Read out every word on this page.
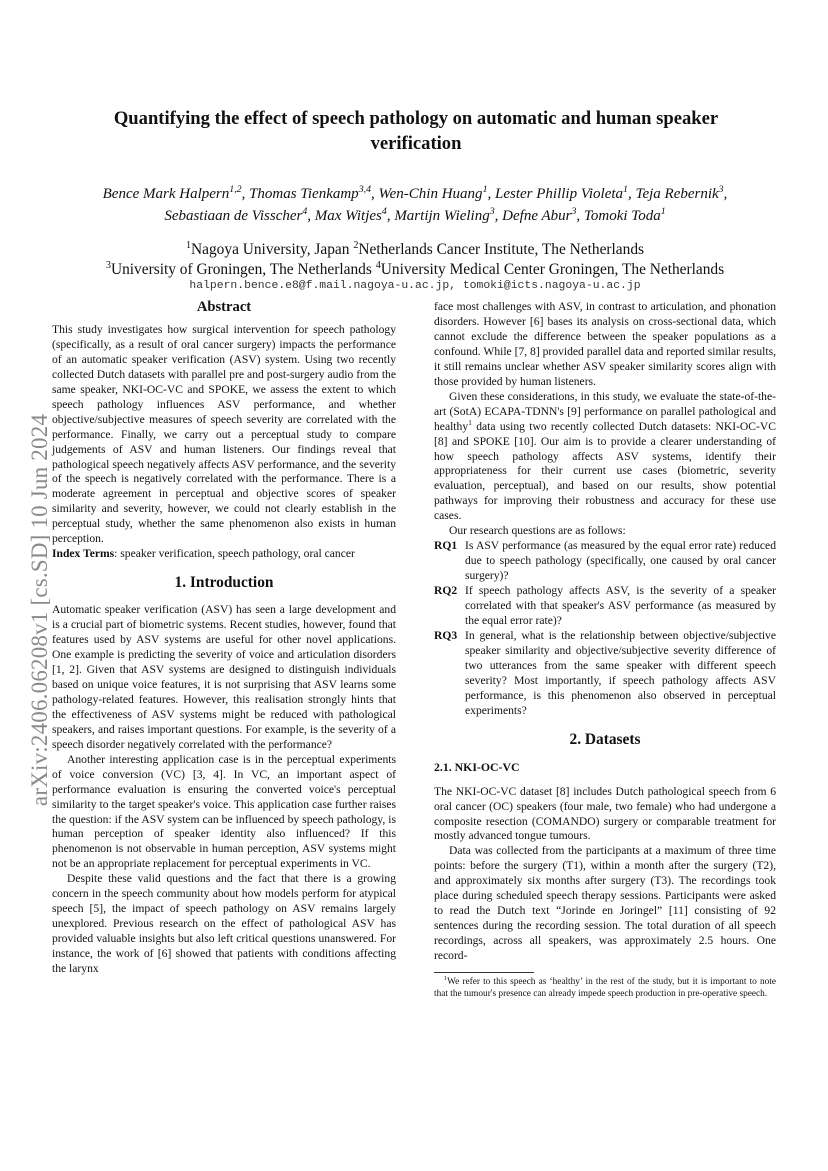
arXiv:2406.06208v1 [cs.SD] 10 Jun 2024
Quantifying the effect of speech pathology on automatic and human speaker verification
Bence Mark Halpern$^{1,2}$, Thomas Tienkamp$^{3,4}$, Wen-Chin Huang$^1$, Lester Phillip Violeta$^1$, Teja Rebernik$^3$, Sebastiaan de Visscher$^4$, Max Witjes$^4$, Martijn Wieling$^3$, Defne Abur$^3$, Tomoki Toda$^1$
$^1$Nagoya University, Japan $^2$Netherlands Cancer Institute, The Netherlands
$^3$University of Groningen, The Netherlands $^4$University Medical Center Groningen, The Netherlands
halpern.bence.e8@f.mail.nagoya-u.ac.jp, tomoki@icts.nagoya-u.ac.jp
Abstract

This study investigates how surgical intervention for speech pathology (specifically, as a result of oral cancer surgery) impacts the performance of an automatic speaker verification (ASV) system. Using two recently collected Dutch datasets with parallel pre and post-surgery audio from the same speaker, NKI-OC-VC and SPOKE, we assess the extent to which speech pathology influences ASV performance, and whether objective/subjective measures of speech severity are correlated with the performance. Finally, we carry out a perceptual study to compare judgements of ASV and human listeners. Our findings reveal that pathological speech negatively affects ASV performance, and the severity of the speech is negatively correlated with the performance. There is a moderate agreement in perceptual and objective scores of speaker similarity and severity, however, we could not clearly establish in the perceptual study, whether the same phenomenon also exists in human perception.

Index Terms: speaker verification, speech pathology, oral cancer

1. Introduction

Automatic speaker verification (ASV) has seen a large development and is a crucial part of biometric systems. Recent studies, however, found that features used by ASV systems are useful for other novel applications. One example is predicting the severity of voice and articulation disorders [1, 2]. Given that ASV systems are designed to distinguish individuals based on unique voice features, it is not surprising that ASV learns some pathology-related features. However, this realisation strongly hints that the effectiveness of ASV systems might be reduced with pathological speakers, and raises important questions. For example, is the severity of a speech disorder negatively correlated with the performance?

Another interesting application case is in the perceptual experiments of voice conversion (VC) [3, 4]. In VC, an important aspect of performance evaluation is ensuring the converted voice's perceptual similarity to the target speaker's voice. This application case further raises the question: if the ASV system can be influenced by speech pathology, is human perception of speaker identity also influenced? If this phenomenon is not observable in human perception, ASV systems might not be an appropriate replacement for perceptual experiments in VC.

Despite these valid questions and the fact that there is a growing concern in the speech community about how models perform for atypical speech [5], the impact of speech pathology on ASV remains largely unexplored. Previous research on the effect of pathological ASV has provided valuable insights but also left critical questions unanswered. For instance, the work of [6] showed that patients with conditions affecting the larynx

face most challenges with ASV, in contrast to articulation, and phonation disorders. However [6] bases its analysis on cross-sectional data, which cannot exclude the difference between the speaker populations as a confound. While [7, 8] provided parallel data and reported similar results, it still remains unclear whether ASV speaker similarity scores align with those provided by human listeners.

Given these considerations, in this study, we evaluate the state-of-the-art (SotA) ECAPA-TDNN's [9] performance on parallel pathological and healthy$^1$ data using two recently collected Dutch datasets: NKI-OC-VC [8] and SPOKE [10]. Our aim is to provide a clearer understanding of how speech pathology affects ASV systems, identify their appropriateness for their current use cases (biometric, severity evaluation, perceptual), and based on our results, show potential pathways for improving their robustness and accuracy for these use cases.

Our research questions are as follows:

RQ1 Is ASV performance (as measured by the equal error rate) reduced due to speech pathology (specifically, one caused by oral cancer surgery)?
RQ2 If speech pathology affects ASV, is the severity of a speaker correlated with that speaker's ASV performance (as measured by the equal error rate)?
RQ3 In general, what is the relationship between objective/subjective speaker similarity and objective/subjective severity difference of two utterances from the same speaker with different speech severity? Most importantly, if speech pathology affects ASV performance, is this phenomenon also observed in perceptual experiments?
2. Datasets
2.1. NKI-OC-VC

The NKI-OC-VC dataset [8] includes Dutch pathological speech from 6 oral cancer (OC) speakers (four male, two female) who had undergone a composite resection (COMANDO) surgery or comparable treatment for mostly advanced tongue tumours.

Data was collected from the participants at a maximum of three time points: before the surgery (T1), within a month after the surgery (T2), and approximately six months after surgery (T3). The recordings took place during scheduled speech therapy sessions. Participants were asked to read the Dutch text “Jorinde en Joringel” [11] consisting of 92 sentences during the recording session. The total duration of all speech recordings, across all speakers, was approximately 2.5 hours. One record-

$^1$We refer to this speech as ‘healthy’ in the rest of the study, but it is important to note that the tumour's presence can already impede speech production in pre-operative speech.
